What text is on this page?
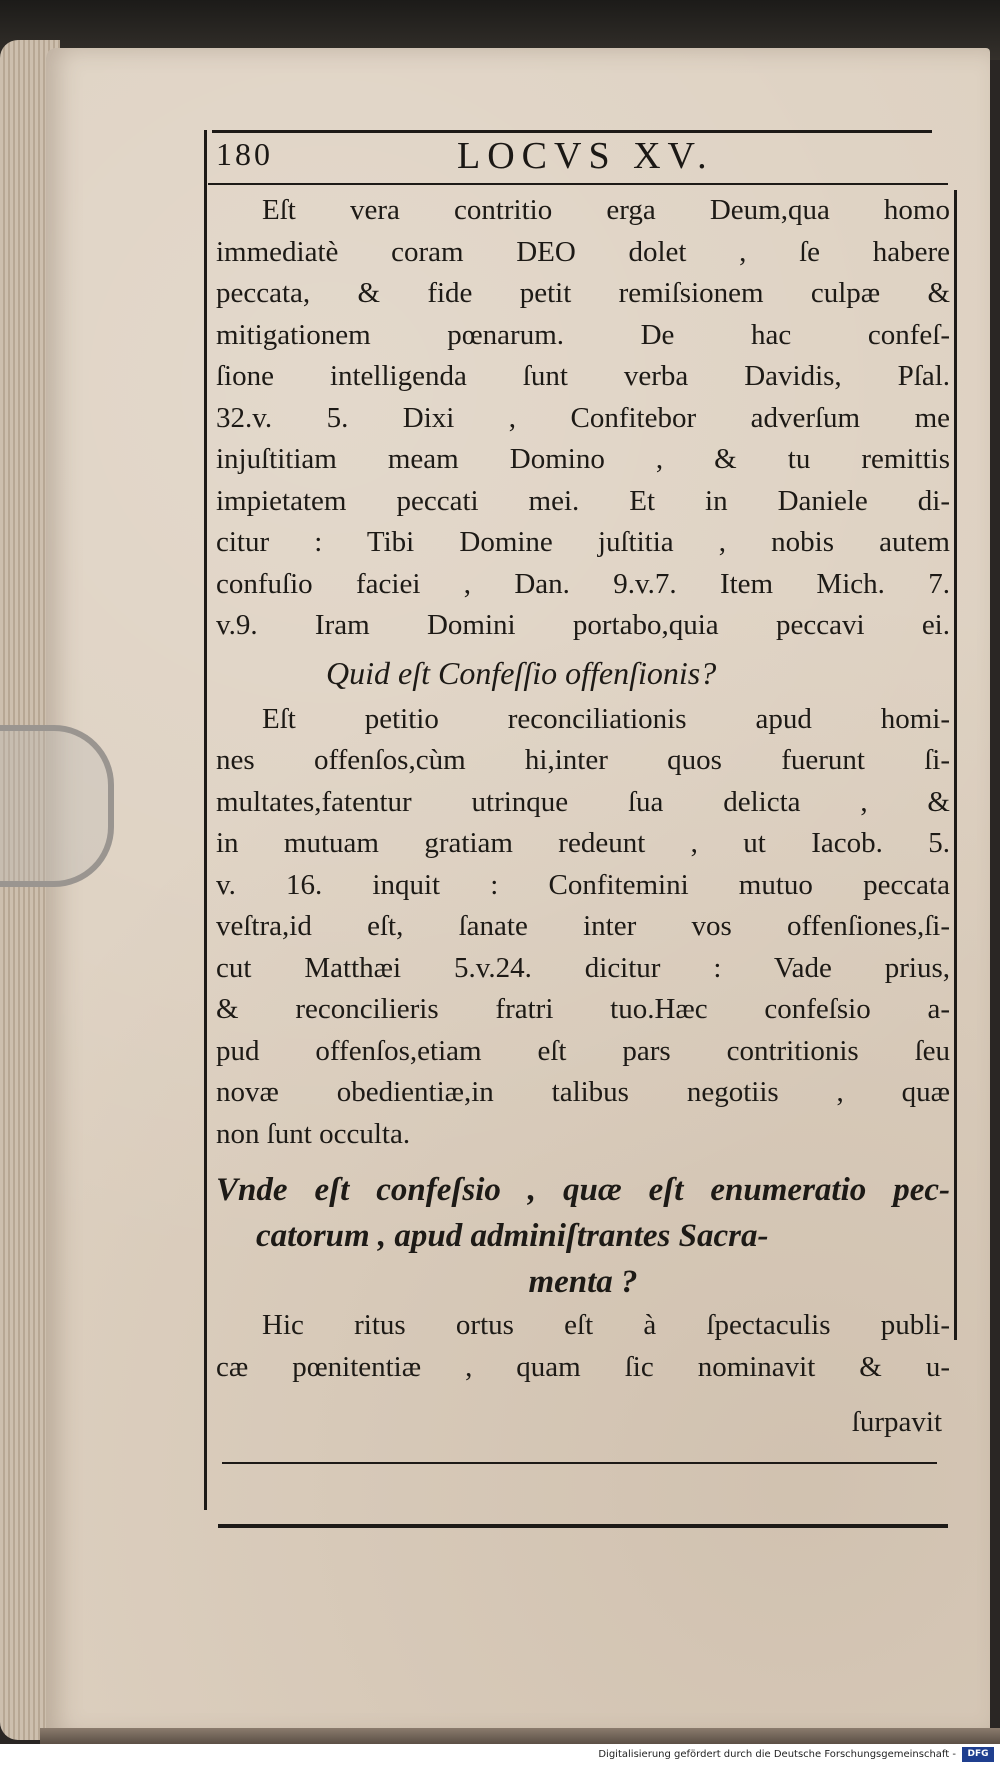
180	LOCVS XV.
Eſt vera contritio erga Deum,qua homo
immediatè coram DEO dolet , ſe habere
peccata, & fide petit remiſsionem culpæ &
mitigationem pœnarum. De hac confeſ-
ſione intelligenda ſunt verba Davidis, Pſal.
32.v. 5. Dixi , Confitebor adverſum me
injuſtitiam meam Domino , & tu remittis
impietatem peccati mei. Et in Daniele di-
citur : Tibi Domine juſtitia , nobis autem
confuſio faciei , Dan. 9.v.7. Item Mich. 7.
v.9. Iram Domini portabo,quia peccavi ei.
Quid eſt Confeſſio offenſionis?
Eſt petitio reconciliationis apud homi-
nes offenſos,cùm hi,inter quos fuerunt ſi-
multates,fatentur utrinque ſua delicta , &
in mutuam gratiam redeunt , ut Iacob. 5.
v. 16. inquit : Confitemini mutuo peccata
veſtra,id eſt, ſanate inter vos offenſiones,ſi-
cut Matthæi 5.v.24. dicitur : Vade prius,
& reconcilieris fratri tuo.Hæc confeſsio a-
pud offenſos,etiam eſt pars contritionis ſeu
novæ obedientiæ,in talibus negotiis , quæ
non ſunt occulta.
Vnde eſt confeſsio , quæ eſt enumeratio pec-
catorum , apud adminiſtrantes Sacra-
menta ?
Hic ritus ortus eſt à ſpectaculis publi-
cæ pœnitentiæ , quam ſic nominavit & u-
ſurpavit
Digitalisierung gefördert durch die Deutsche Forschungsgemeinschaft -	DFG
